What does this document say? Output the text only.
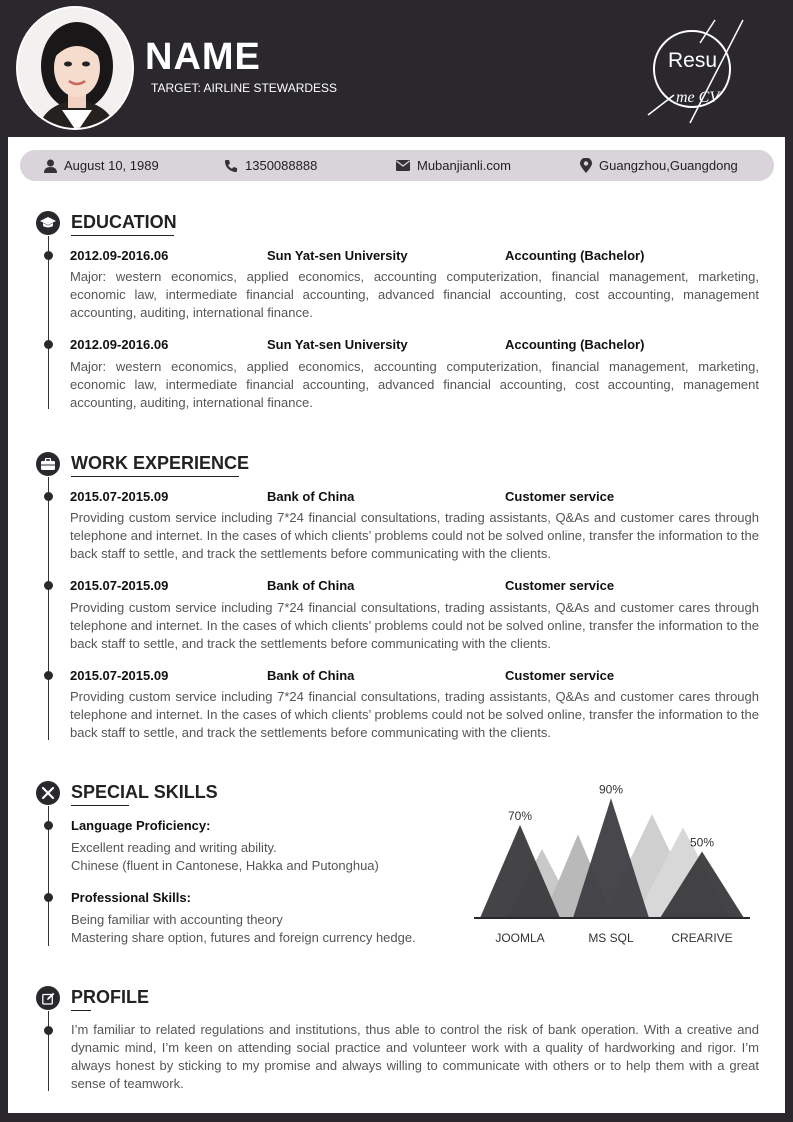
NAME
TARGET: AIRLINE STEWARDESS
Resu
me CV
August 10, 1989	1350088888	Mubanjianli.com	Guangzhou,Guangdong
EDUCATION
2012.09-2016.06	Sun Yat-sen University	Accounting (Bachelor)
Major: western economics, applied economics, accounting computerization, financial management, marketing, economic law, intermediate financial accounting, advanced financial accounting, cost accounting, management accounting, auditing, international finance.
2012.09-2016.06	Sun Yat-sen University	Accounting (Bachelor)
Major: western economics, applied economics, accounting computerization, financial management, marketing, economic law, intermediate financial accounting, advanced financial accounting, cost accounting, management accounting, auditing, international finance.
WORK EXPERIENCE
2015.07-2015.09	Bank of China	Customer service
Providing custom service including 7*24 financial consultations, trading assistants, Q&As and customer cares through telephone and internet. In the cases of which clients’ problems could not be solved online, transfer the information to the back staff to settle, and track the settlements before communicating with the clients.
2015.07-2015.09	Bank of China	Customer service
Providing custom service including 7*24 financial consultations, trading assistants, Q&As and customer cares through telephone and internet. In the cases of which clients’ problems could not be solved online, transfer the information to the back staff to settle, and track the settlements before communicating with the clients.
2015.07-2015.09	Bank of China	Customer service
Providing custom service including 7*24 financial consultations, trading assistants, Q&As and customer cares through telephone and internet. In the cases of which clients’ problems could not be solved online, transfer the information to the back staff to settle, and track the settlements before communicating with the clients.
SPECIAL SKILLS
Language Proficiency:
Excellent reading and writing ability.
Chinese (fluent in Cantonese, Hakka and Putonghua)
Professional Skills:
Being familiar with accounting theory
Mastering share option, futures and foreign currency hedge.
70%
JOOMLA
90%
MS SQL
50%
CREARIVE
PROFILE
I’m familiar to related regulations and institutions, thus able to control the risk of bank operation. With a creative and dynamic mind, I’m keen on attending social practice and volunteer work with a quality of hardworking and rigor. I’m always honest by sticking to my promise and always willing to communicate with others or to help them with a great sense of teamwork.
